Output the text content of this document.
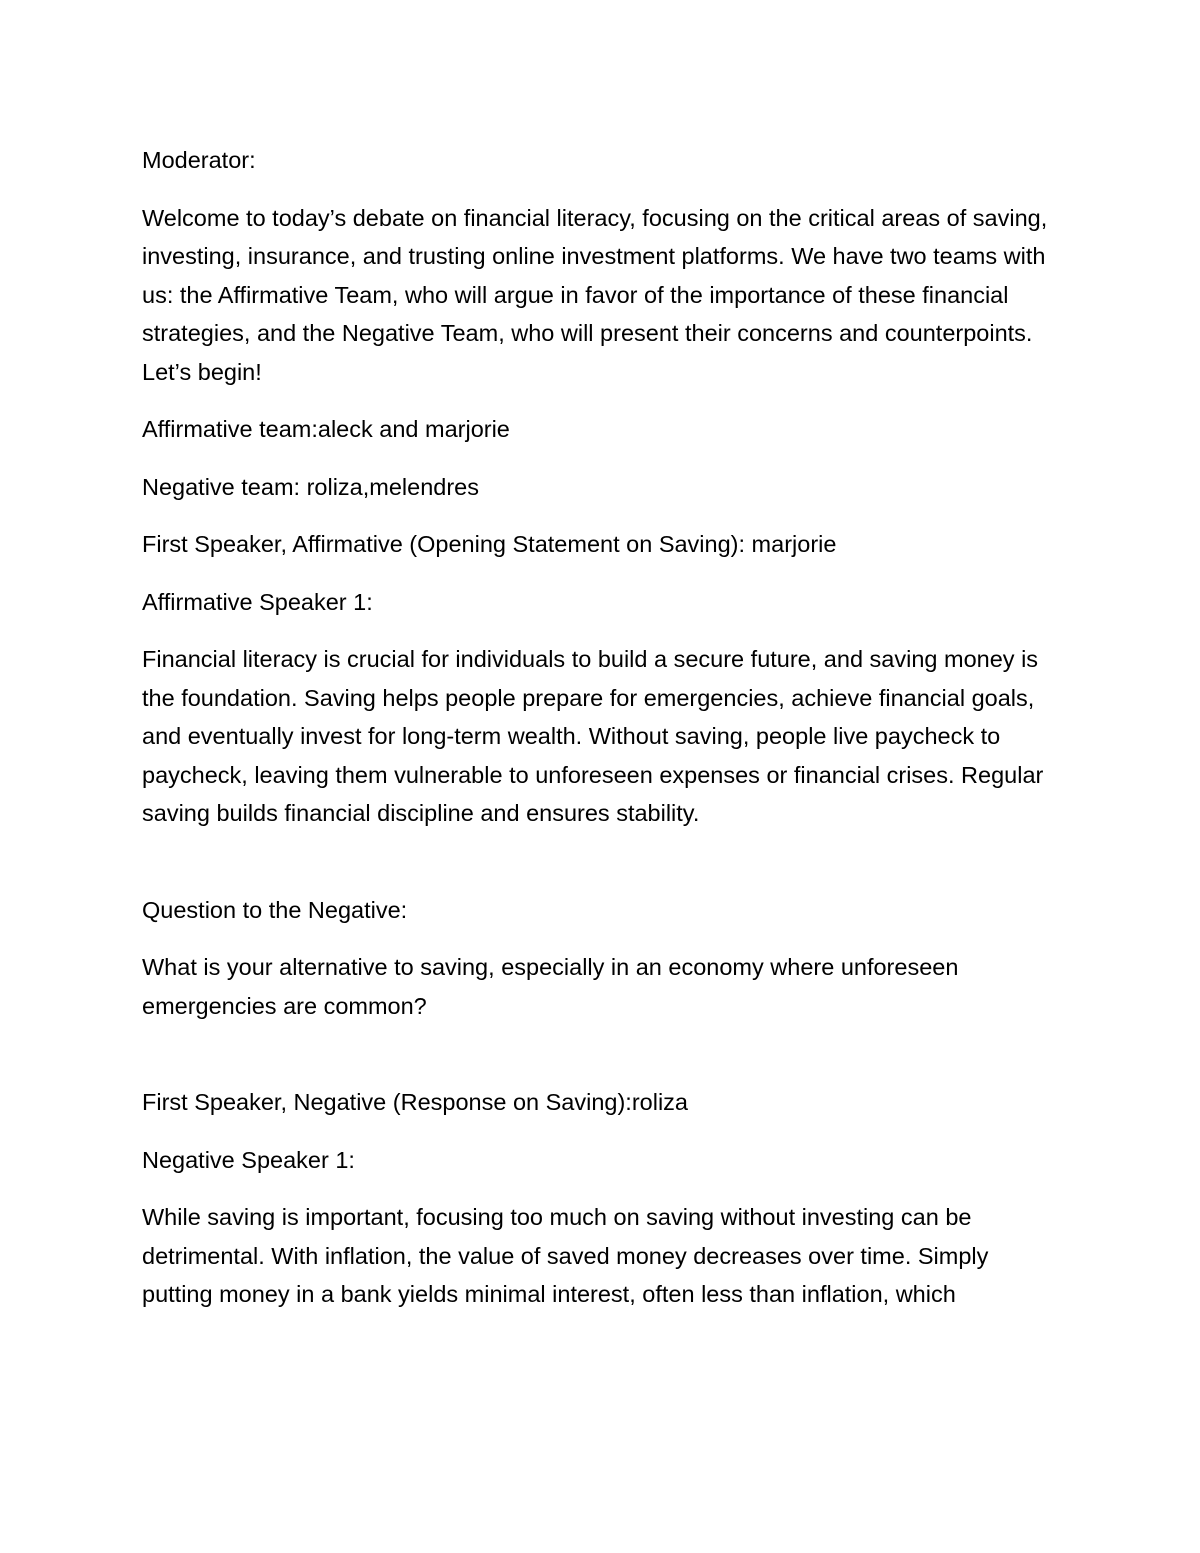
Moderator:

Welcome to today’s debate on financial literacy, focusing on the critical areas of saving, investing, insurance, and trusting online investment platforms. We have two teams with us: the Affirmative Team, who will argue in favor of the importance of these financial strategies, and the Negative Team, who will present their concerns and counterpoints. Let’s begin!

Affirmative team:aleck and marjorie

Negative team: roliza,melendres

First Speaker, Affirmative (Opening Statement on Saving): marjorie

Affirmative Speaker 1:

Financial literacy is crucial for individuals to build a secure future, and saving money is the foundation. Saving helps people prepare for emergencies, achieve financial goals, and eventually invest for long-term wealth. Without saving, people live paycheck to paycheck, leaving them vulnerable to unforeseen expenses or financial crises. Regular saving builds financial discipline and ensures stability.

Question to the Negative:

What is your alternative to saving, especially in an economy where unforeseen emergencies are common?

First Speaker, Negative (Response on Saving):roliza

Negative Speaker 1:

While saving is important, focusing too much on saving without investing can be detrimental. With inflation, the value of saved money decreases over time. Simply putting money in a bank yields minimal interest, often less than inflation, which
